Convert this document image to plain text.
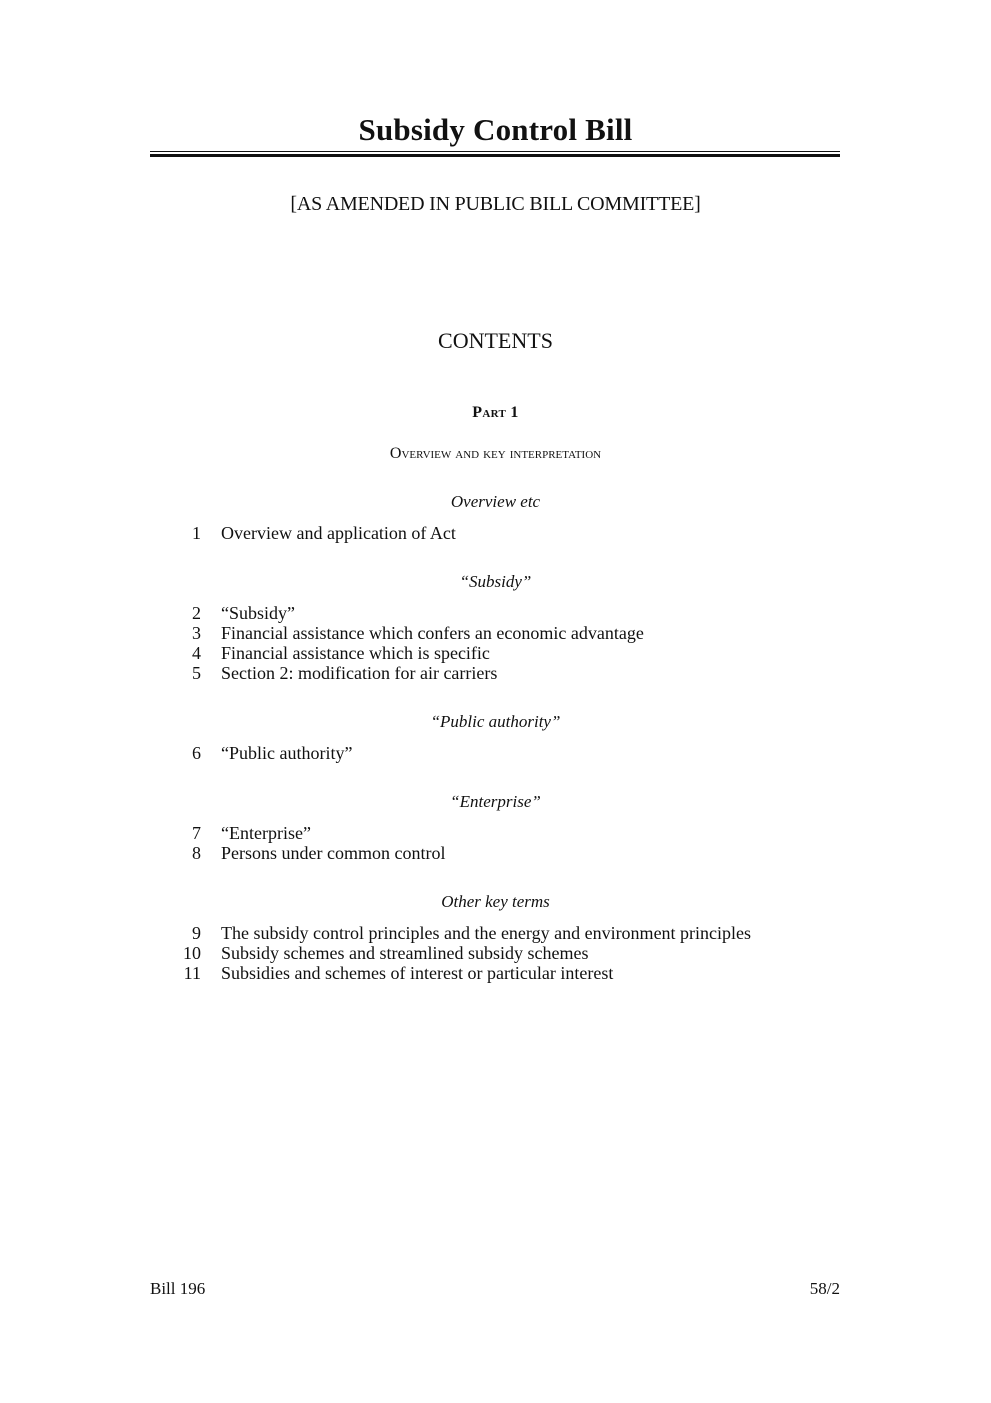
Subsidy Control Bill
[AS AMENDED IN PUBLIC BILL COMMITTEE]
CONTENTS
Part 1
Overview and key interpretation
Overview etc
1 Overview and application of Act
“Subsidy”
2 “Subsidy”
3 Financial assistance which confers an economic advantage
4 Financial assistance which is specific
5 Section 2: modification for air carriers
“Public authority”
6 “Public authority”
“Enterprise”
7 “Enterprise”
8 Persons under common control
Other key terms
9 The subsidy control principles and the energy and environment principles
10 Subsidy schemes and streamlined subsidy schemes
11 Subsidies and schemes of interest or particular interest
Bill 196	58/2
